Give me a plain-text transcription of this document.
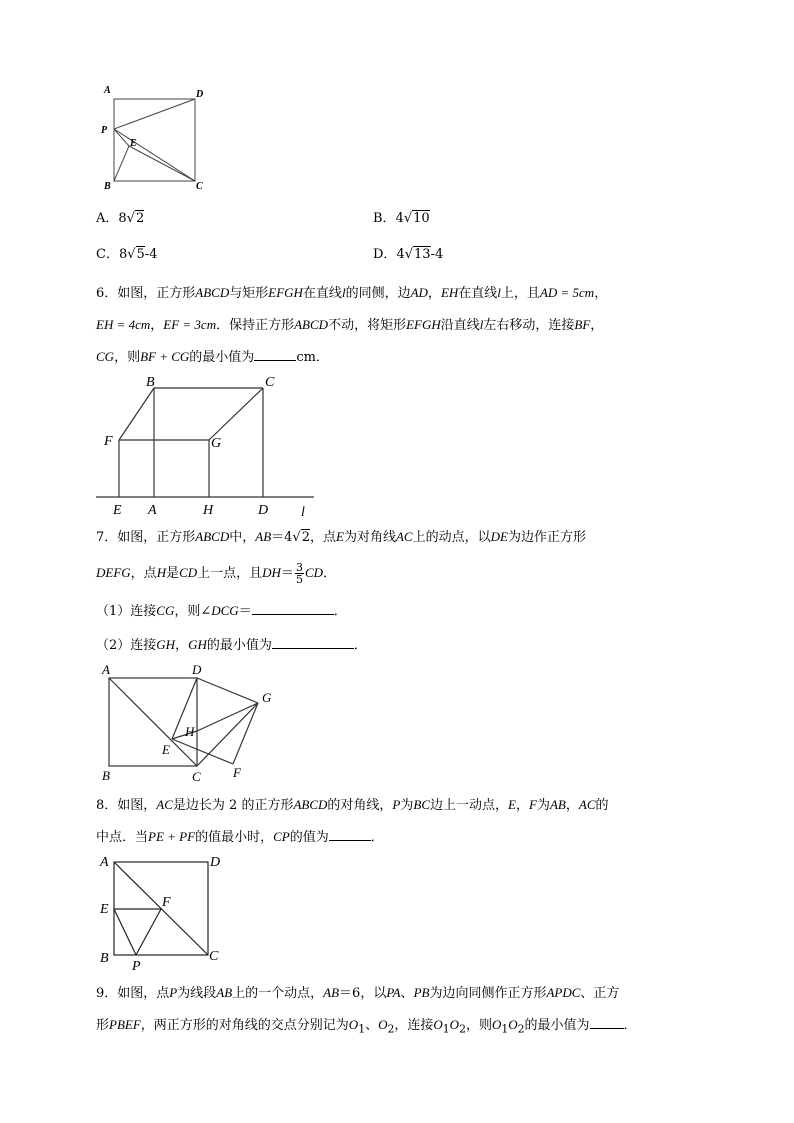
A	D
P
E
B	C
A．8√2	B．4√10
C．8√5-4	D．4√13-4
6．如图，正方形ABCD与矩形EFGH在直线l的同侧，边AD，EH在直线l上，且AD = 5cm，
EH = 4cm，EF = 3cm．保持正方形ABCD不动，将矩形EFGH沿直线l左右移动，连接BF，
CG，则BF + CG的最小值为	cm．
B	C
F	G
E A	H	D l
7．如图，正方形ABCD中，AB＝4√2，点E为对角线AC上的动点，以DE为边作正方形
DEFG，点H是CD上一点，且$DH= \frac{3}{5}$ CD．
（1）连接CG，则∠DCG＝	．
（2）连接GH，GH的最小值为	．
A	D
G
H
E
B	C F
8．如图，AC是边长为 2 的正方形ABCD的对角线，P为BC边上一动点，E，F为AB，AC的
中点．当PE + PF的值最小时，CP的值为	．
A	D
E	F
B
P
C
9．如图，点P为线段AB上的一个动点，AB＝6，以PA、PB为边向同侧作正方形APDC、正方
形PBEF，两正方形的对角线的交点分别记为$O_1$、$O_2$，连接$O_1O_2$，则$O_1O_2$的最小值为	．
